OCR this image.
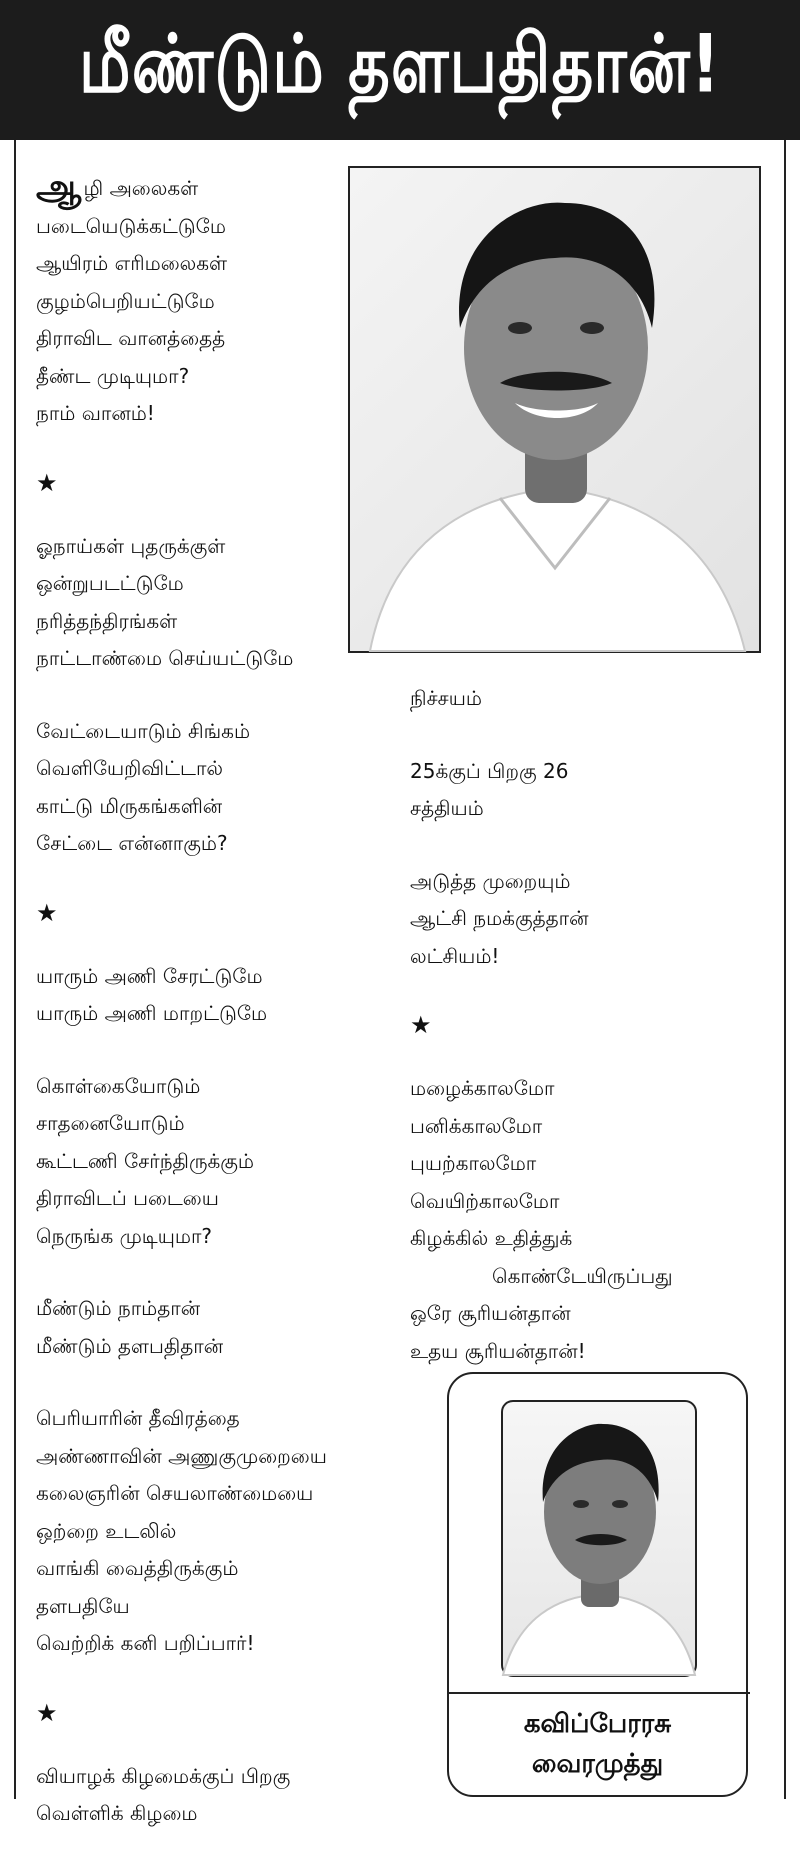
மீண்டும் தளபதிதான்!
ஆழி அலைகள்
படையெடுக்கட்டுமே
ஆயிரம் எரிமலைகள்
குழம்பெறியட்டுமே
திராவிட வானத்தைத்
தீண்ட முடியுமா?
நாம் வானம்!
★
ஓநாய்கள் புதருக்குள்
ஒன்றுபடட்டுமே
நரித்தந்திரங்கள்
நாட்டாண்மை செய்யட்டுமே
வேட்டையாடும் சிங்கம்
வெளியேறிவிட்டால்
காட்டு மிருகங்களின்
சேட்டை என்னாகும்?
★
யாரும் அணி சேரட்டுமே
யாரும் அணி மாறட்டுமே
கொள்கையோடும்
சாதனையோடும்
கூட்டணி சேர்ந்திருக்கும்
திராவிடப் படையை
நெருங்க முடியுமா?
மீண்டும் நாம்தான்
மீண்டும் தளபதிதான்
பெரியாரின் தீவிரத்தை
அண்ணாவின் அணுகுமுறையை
கலைஞரின் செயலாண்மையை
ஒற்றை உடலில்
வாங்கி வைத்திருக்கும்
தளபதியே
வெற்றிக் கனி பறிப்பார்!
★
வியாழக் கிழமைக்குப் பிறகு
வெள்ளிக் கிழமை
நிச்சயம்
25க்குப் பிறகு 26
சத்தியம்
அடுத்த முறையும்
ஆட்சி நமக்குத்தான்
லட்சியம்!
★
மழைக்காலமோ
பனிக்காலமோ
புயற்காலமோ
வெயிற்காலமோ
கிழக்கில் உதித்துக்
கொண்டேயிருப்பது
ஒரே சூரியன்தான்
உதய சூரியன்தான்!
கவிப்பேரரசு
வைரமுத்து
